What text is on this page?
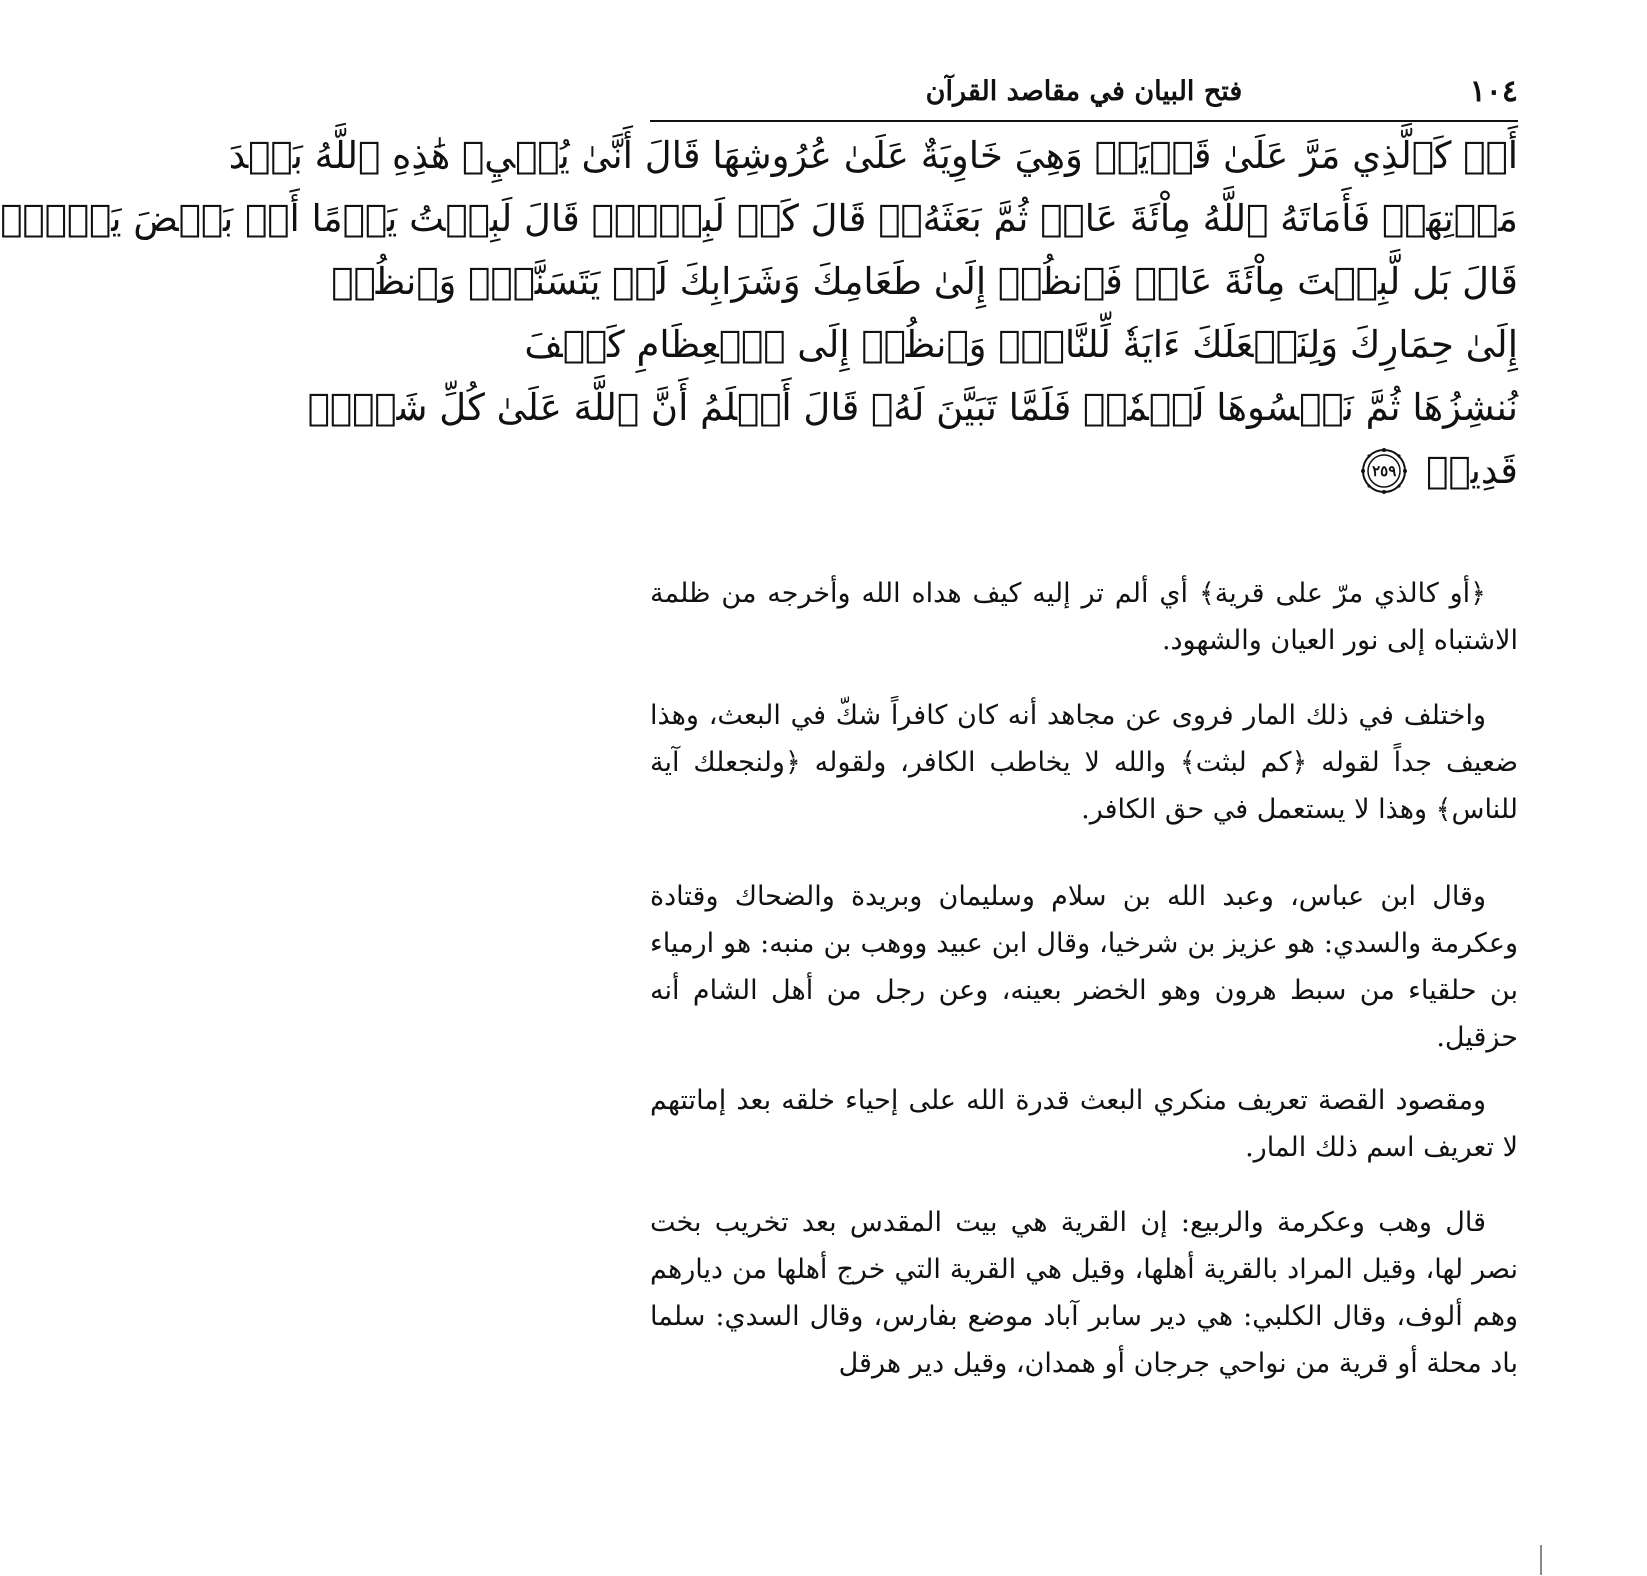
١٠٤
فتح البيان في مقاصد القرآن
أَوۡ كَٱلَّذِي مَرَّ عَلَىٰ قَرۡيَةٖ وَهِيَ خَاوِيَةٌ عَلَىٰ عُرُوشِهَا قَالَ أَنَّىٰ يُحۡيِۦ هَٰذِهِ ٱللَّهُ بَعۡدَ
مَوۡتِهَاۖ فَأَمَاتَهُ ٱللَّهُ مِاْئَةَ عَامٖ ثُمَّ بَعَثَهُۥۖ قَالَ كَمۡ لَبِثۡتَۖ قَالَ لَبِثۡتُ يَوۡمًا أَوۡ بَعۡضَ يَوۡمٖۖ
قَالَ بَل لَّبِثۡتَ مِاْئَةَ عَامٖ فَٱنظُرۡ إِلَىٰ طَعَامِكَ وَشَرَابِكَ لَمۡ يَتَسَنَّهۡۖ وَٱنظُرۡ
إِلَىٰ حِمَارِكَ وَلِنَجۡعَلَكَ ءَايَةٗ لِّلنَّاسِۖ وَٱنظُرۡ إِلَى ٱلۡعِظَامِ كَيۡفَ
نُنشِزُهَا ثُمَّ نَكۡسُوهَا لَحۡمٗاۚ فَلَمَّا تَبَيَّنَ لَهُۥ قَالَ أَعۡلَمُ أَنَّ ٱللَّهَ عَلَىٰ كُلِّ شَيۡءٖ
قَدِيرٞ
٢٥٩

﴿أو كالذي مرّ على قرية﴾ أي ألم تر إليه كيف هداه الله وأخرجه من ظلمة الاشتباه إلى نور العيان والشهود.

واختلف في ذلك المار فروى عن مجاهد أنه كان كافراً شكّ في البعث، وهذا ضعيف جداً لقوله ﴿كم لبثت﴾ والله لا يخاطب الكافر، ولقوله ﴿ولنجعلك آية للناس﴾ وهذا لا يستعمل في حق الكافر.

وقال ابن عباس، وعبد الله بن سلام وسليمان وبريدة والضحاك وقتادة وعكرمة والسدي: هو عزيز بن شرخيا، وقال ابن عبيد ووهب بن منبه: هو ارمياء بن حلقياء من سبط هرون وهو الخضر بعينه، وعن رجل من أهل الشام أنه حزقيل.

ومقصود القصة تعريف منكري البعث قدرة الله على إحياء خلقه بعد إماتتهم لا تعريف اسم ذلك المار.

قال وهب وعكرمة والربيع: إن القرية هي بيت المقدس بعد تخريب بخت نصر لها، وقيل المراد بالقرية أهلها، وقيل هي القرية التي خرج أهلها من ديارهم وهم ألوف، وقال الكلبي: هي دير سابر آباد موضع بفارس، وقال السدي: سلما باد محلة أو قرية من نواحي جرجان أو همدان، وقيل دير هرقل
